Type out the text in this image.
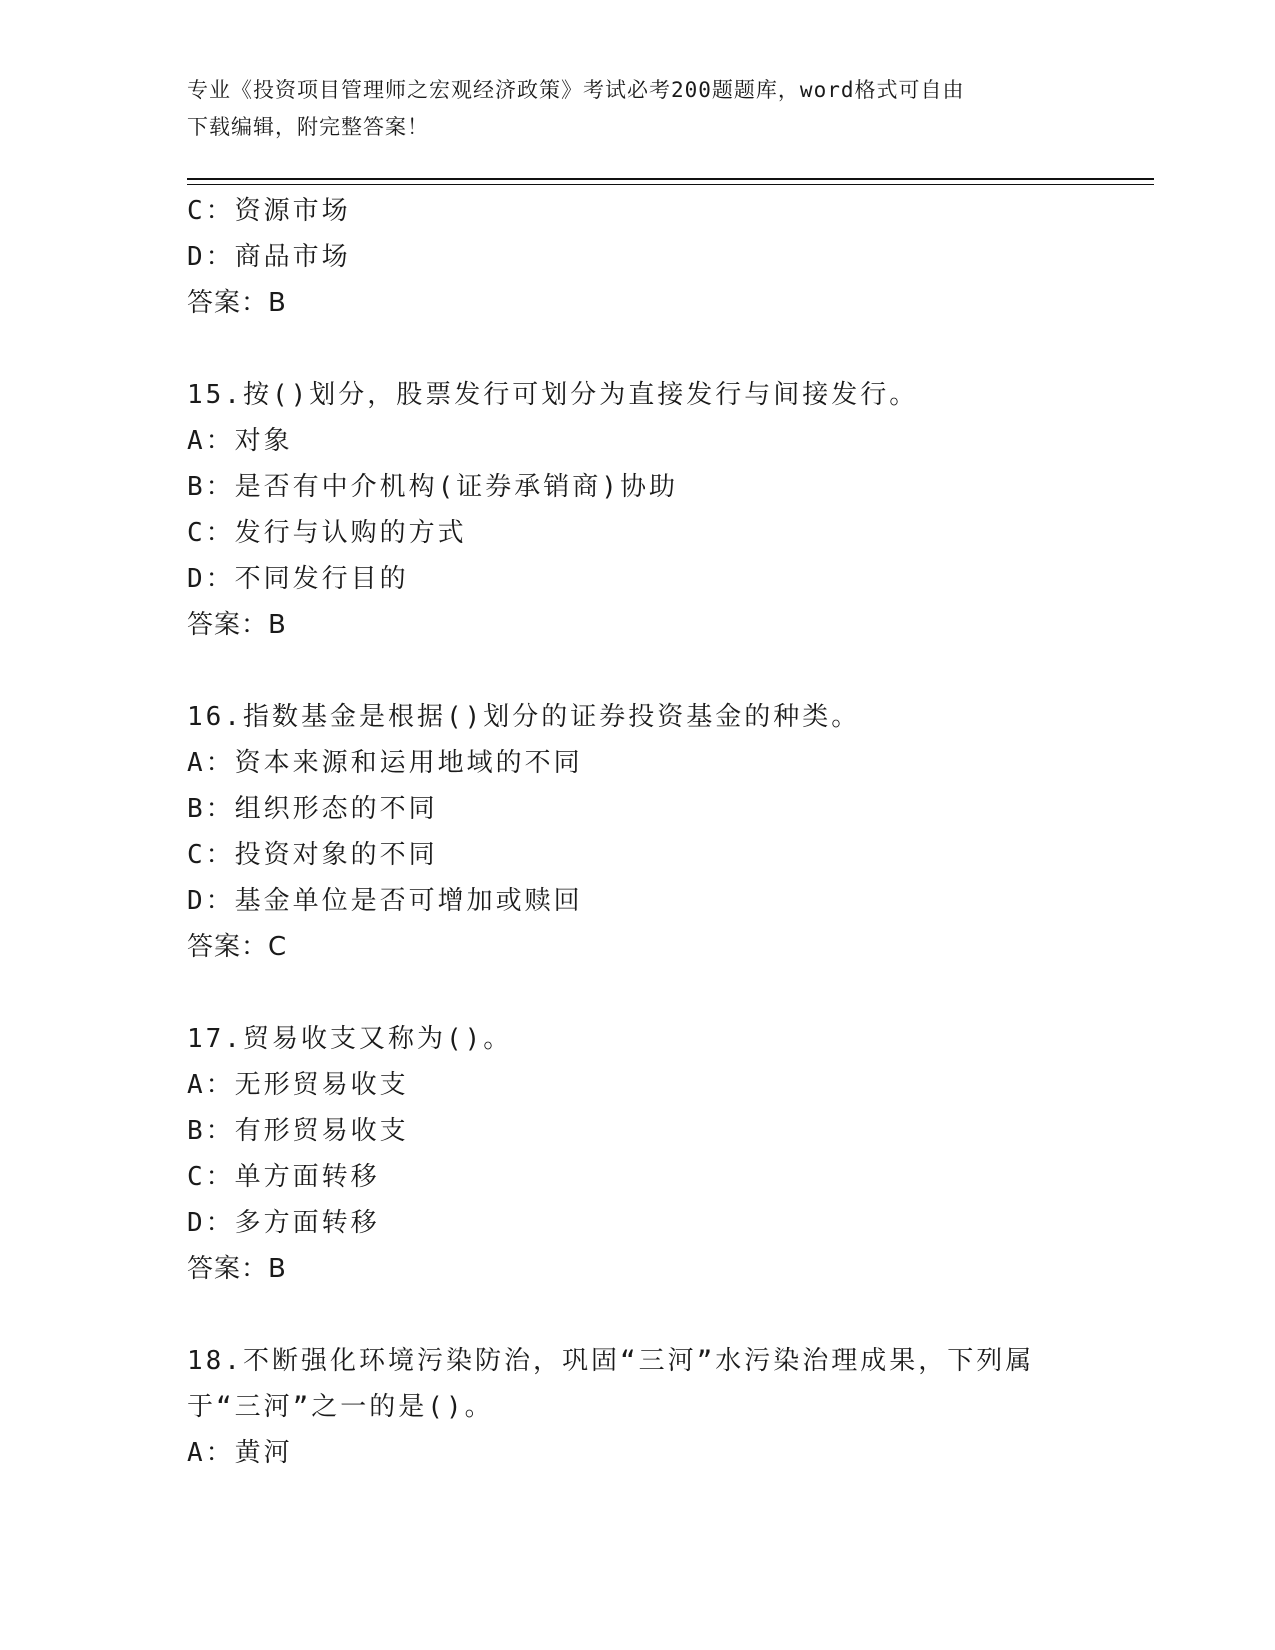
专业《投资项目管理师之宏观经济政策》考试必考200题题库，word格式可自由
下载编辑，附完整答案！
C：资源市场
D：商品市场
答案：B
15.按()划分，股票发行可划分为直接发行与间接发行。
A：对象
B：是否有中介机构(证券承销商)协助
C：发行与认购的方式
D：不同发行目的
答案：B
16.指数基金是根据()划分的证券投资基金的种类。
A：资本来源和运用地域的不同
B：组织形态的不同
C：投资对象的不同
D：基金单位是否可增加或赎回
答案：C
17.贸易收支又称为()。
A：无形贸易收支
B：有形贸易收支
C：单方面转移
D：多方面转移
答案：B
18.不断强化环境污染防治，巩固“三河”水污染治理成果，下列属于“三河”之一的是()。
A：黄河
